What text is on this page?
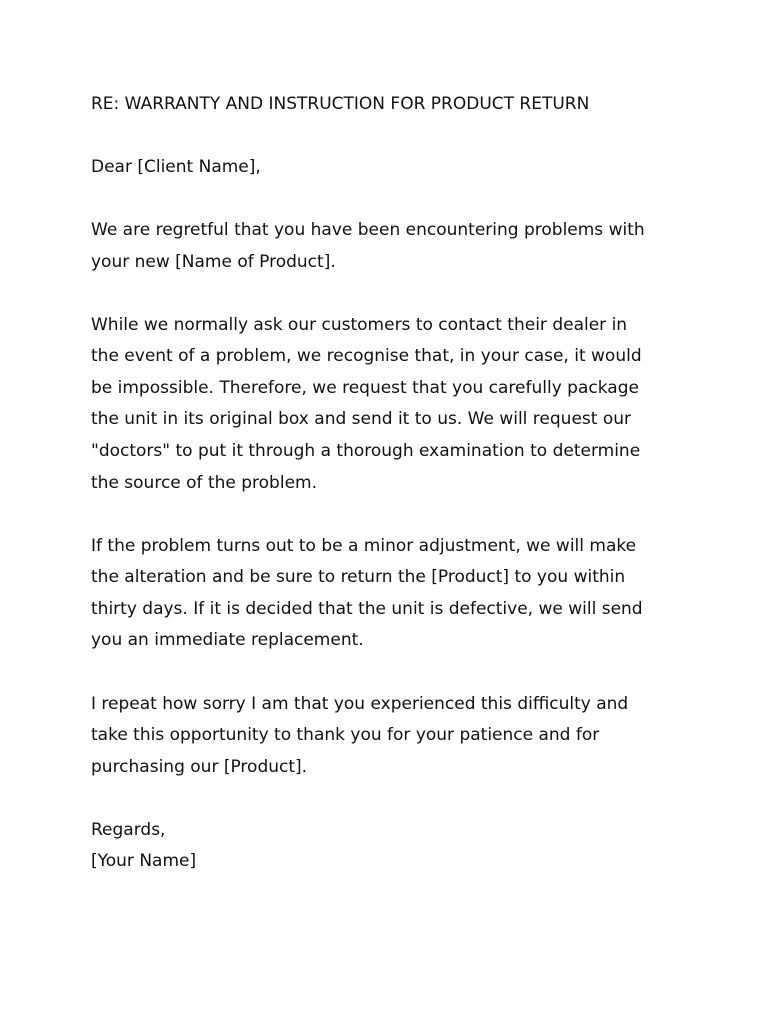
RE: WARRANTY AND INSTRUCTION FOR PRODUCT RETURN
Dear [Client Name],
We are regretful that you have been encountering problems with
your new [Name of Product].
While we normally ask our customers to contact their dealer in
the event of a problem, we recognise that, in your case, it would
be impossible. Therefore, we request that you carefully package
the unit in its original box and send it to us. We will request our
"doctors" to put it through a thorough examination to determine
the source of the problem.
If the problem turns out to be a minor adjustment, we will make
the alteration and be sure to return the [Product] to you within
thirty days. If it is decided that the unit is defective, we will send
you an immediate replacement.
I repeat how sorry I am that you experienced this difficulty and
take this opportunity to thank you for your patience and for
purchasing our [Product].
Regards,
[Your Name]
